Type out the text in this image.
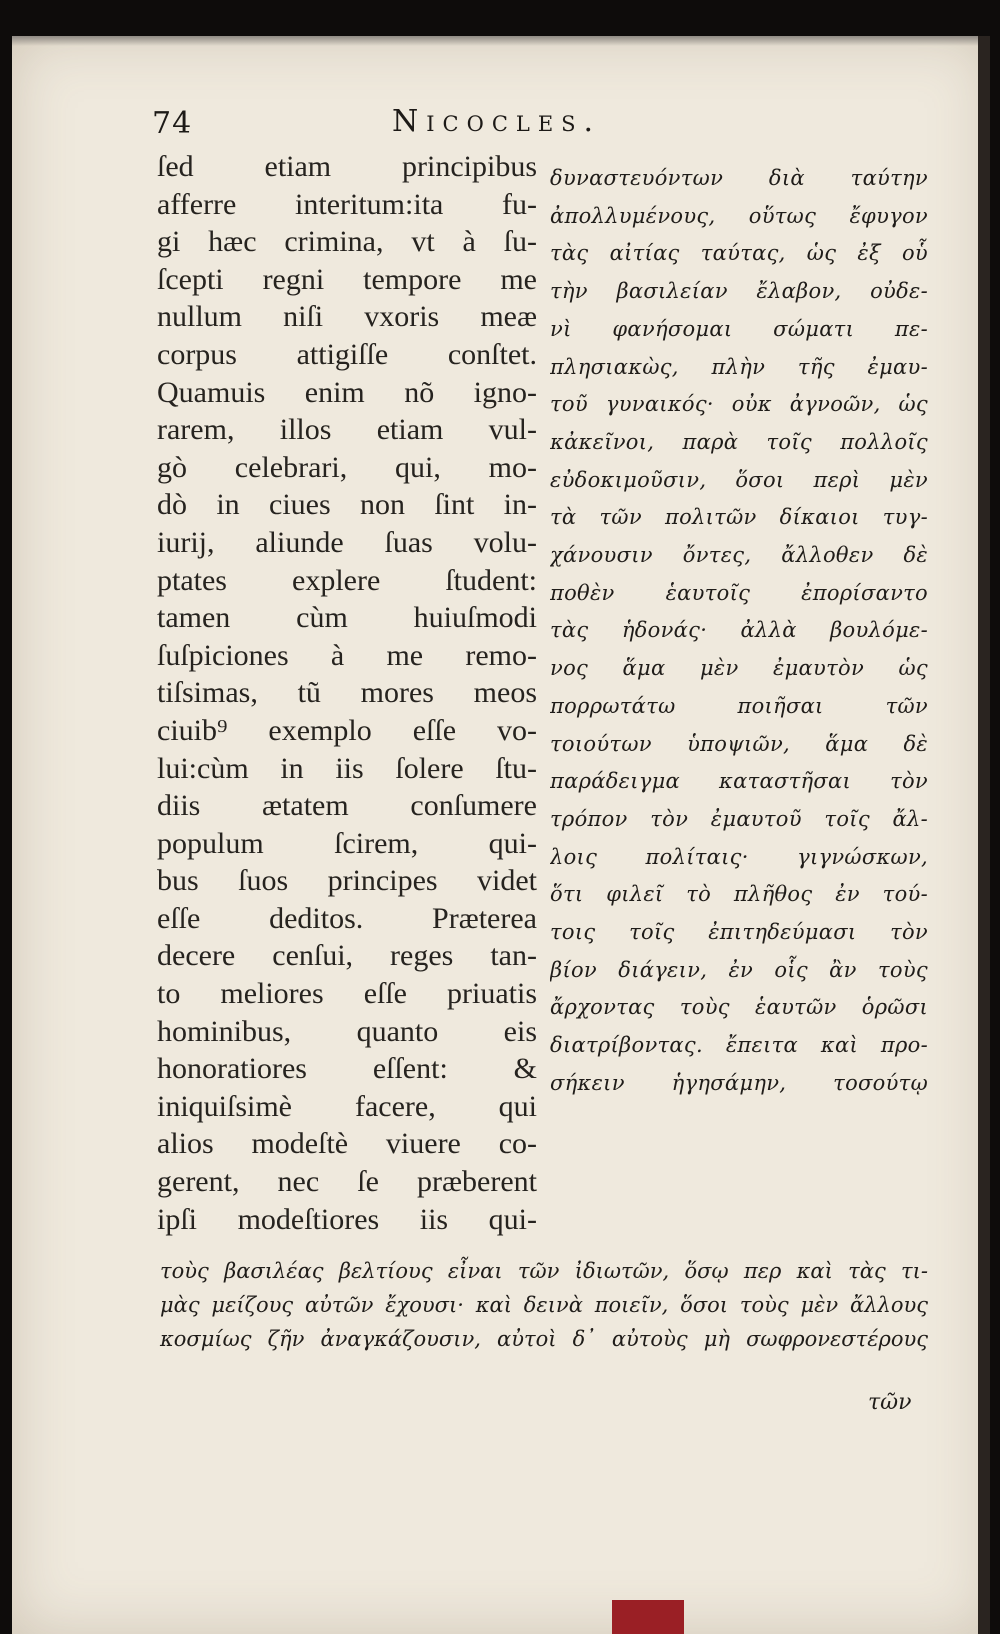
74	Nicocles.
ſed etiam principibus
afferre interitum:ita fu-
gi hæc crimina, vt à ſu-
ſcepti regni tempore me
nullum niſi vxoris meæ
corpus attigiſſe conſtet.
Quamuis enim nõ igno-
rarem, illos etiam vul-
gò celebrari, qui, mo-
dò in ciues non ſint in-
iurij, aliunde ſuas volu-
ptates explere ſtudent:
tamen cùm huiuſmodi
ſuſpiciones à me remo-
tiſsimas, tũ mores meos
ciuib⁹ exemplo eſſe vo-
lui:cùm in iis ſolere ſtu-
diis ætatem conſumere
populum ſcirem, qui-
bus ſuos principes videt
eſſe deditos. Præterea
decere cenſui, reges tan-
to meliores eſſe priuatis
hominibus, quanto eis
honoratiores eſſent: &
iniquiſsimè facere, qui
alios modeſtè viuere co-
gerent, nec ſe præberent
ipſi modeſtiores iis qui-
δυναστευόντων διὰ ταύτην
ἀπολλυμένους, οὕτως ἔφυγον
τὰς αἰτίας ταύτας, ὡς ἐξ οὗ
τὴν βασιλείαν ἔλαβον, οὐδε-
νὶ φανήσομαι σώματι πε-
πλησιακὼς, πλὴν τῆς ἐμαυ-
τοῦ γυναικός· οὐκ ἀγνοῶν, ὡς
κἀκεῖνοι, παρὰ τοῖς πολλοῖς
εὐδοκιμοῦσιν, ὅσοι περὶ μὲν
τὰ τῶν πολιτῶν δίκαιοι τυγ-
χάνουσιν ὄντες, ἄλλοθεν δὲ
ποθὲν ἑαυτοῖς ἐπορίσαντο
τὰς ἡδονάς· ἀλλὰ βουλόμε-
νος ἅμα μὲν ἐμαυτὸν ὡς
πορρωτάτω ποιῆσαι τῶν
τοιούτων ὑποψιῶν, ἅμα δὲ
παράδειγμα καταστῆσαι τὸν
τρόπον τὸν ἐμαυτοῦ τοῖς ἄλ-
λοις πολίταις· γιγνώσκων,
ὅτι φιλεῖ τὸ πλῆθος ἐν τού-
τοις τοῖς ἐπιτηδεύμασι τὸν
βίον διάγειν, ἐν οἷς ἂν τοὺς
ἄρχοντας τοὺς ἑαυτῶν ὁρῶσι
διατρίβοντας. ἔπειτα καὶ προ-
σήκειν ἡγησάμην, τοσούτῳ
τοὺς βασιλέας βελτίους εἶναι τῶν ἰδιωτῶν, ὅσῳ περ καὶ τὰς τι-
μὰς μείζους αὐτῶν ἔχουσι· καὶ δεινὰ ποιεῖν, ὅσοι τοὺς μὲν ἄλλους
κοσμίως ζῆν ἀναγκάζουσιν, αὐτοὶ δ᾽ αὐτοὺς μὴ σωφρονεστέρους
τῶν
